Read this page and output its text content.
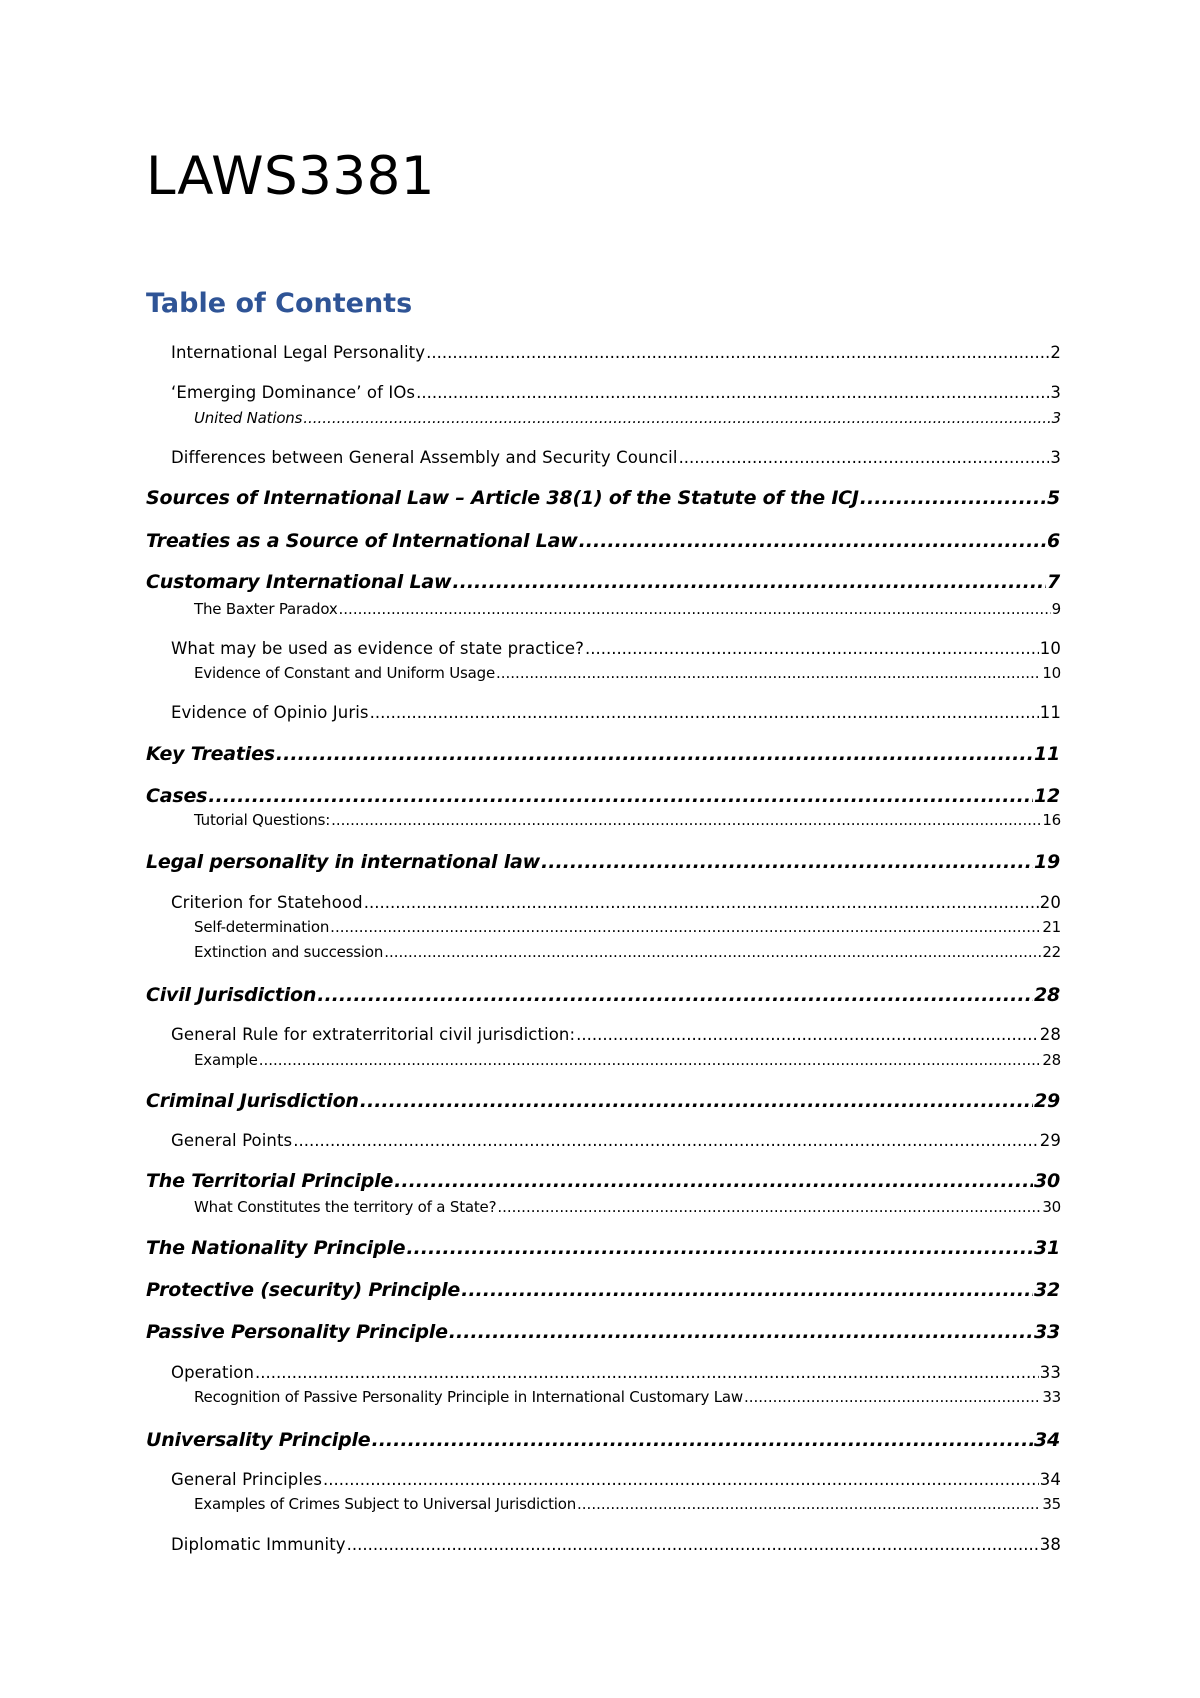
LAWS3381
Table of Contents
International Legal Personality .....	2
‘Emerging Dominance’ of IOs .....	3
United Nations .....	3
Differences between General Assembly and Security Council .....	3
Sources of International Law – Article 38(1) of the Statute of the ICJ .....	5
Treaties as a Source of International Law .....	6
Customary International Law .....	7
The Baxter Paradox .....	9
What may be used as evidence of state practice? .....	10
Evidence of Constant and Uniform Usage .....	10
Evidence of Opinio Juris .....	11
Key Treaties .....	11
Cases .....	12
Tutorial Questions: .....	16
Legal personality in international law .....	19
Criterion for Statehood .....	20
Self-determination .....	21
Extinction and succession .....	22
Civil Jurisdiction .....	28
General Rule for extraterritorial civil jurisdiction: .....	28
Example .....	28
Criminal Jurisdiction .....	29
General Points .....	29
The Territorial Principle .....	30
What Constitutes the territory of a State? .....	30
The Nationality Principle .....	31
Protective (security) Principle .....	32
Passive Personality Principle .....	33
Operation .....	33
Recognition of Passive Personality Principle in International Customary Law .....	33
Universality Principle .....	34
General Principles .....	34
Examples of Crimes Subject to Universal Jurisdiction .....	35
Diplomatic Immunity .....	38
